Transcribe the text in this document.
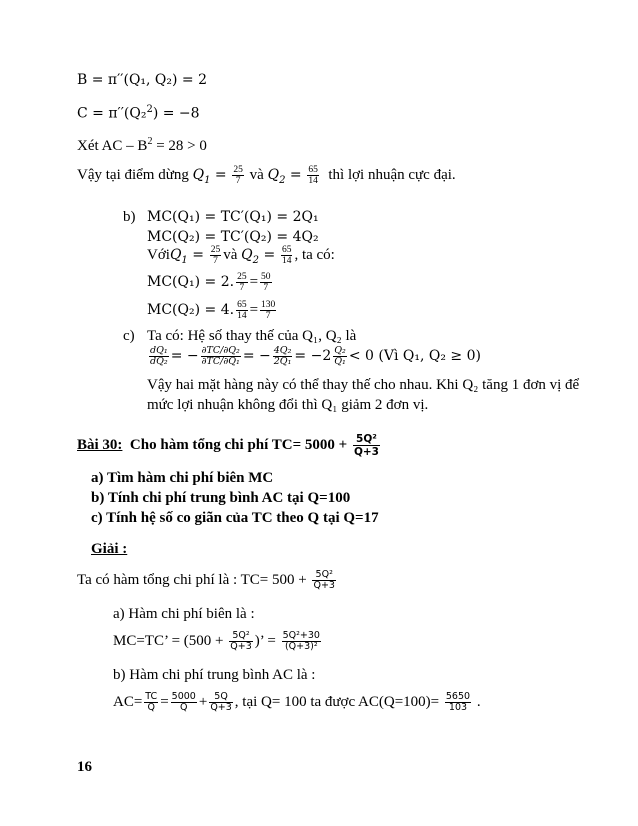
B = π′′(Q₁, Q₂) = 2
C = π′′(Q₂$^2$) = −8
Xét AC – $B^2 = 28 > 0$
Vậy tại điểm dừng $Q_1 = \frac{25}{7}$ và $Q_2 = \frac{65}{14}$ thì lợi nhuận cực đại.
b) MC(Q₁) = TC′(Q₁) = 2Q₁
MC(Q₂) = TC′(Q₂) = 4Q₂
VớiQ$_1$ = $\frac{25}{7}$ và $Q_2 = \frac{65}{14}$ , ta có:
MC(Q₁) = 2. $\frac{25}{7} = \frac{50}{7}$
MC(Q₂) = 4. $\frac{65}{14} = \frac{130}{7}$
c) Ta có: Hệ số thay thế của Q₁, Q₂ là
$\frac{\text{dQ₁}}{\text{dQ₂}}$ = − $\frac{\text{∂TC/∂Q₂}}{\text{∂TC/∂Q₁}}$ = − $\frac{\text{4Q₂}}{\text{2Q₁}} = -2 \frac{\text{Q₂}}{\text{Q₁}} < 0$ (Vì Q₁, Q₂ ≥ 0)
Vậy hai mặt hàng này có thể thay thế cho nhau. Khi Q₂ tăng 1 đơn vị để
mức lợi nhuận không đổi thì Q₁ giảm 2 đơn vị.
Bài 30: Cho hàm tổng chi phí $TC= 5000 + \frac{\text{5Q²}}{Q+3}$
a) Tìm hàm chi phí biên MC
b) Tính chi phí trung bình AC tại Q=100
c) Tính hệ số co giãn của TC theo Q tại Q=17
Giải :
Ta có hàm tổng chi phí là : $TC= 500 + \frac{\text{5Q²}}{Q+3}$
a) Hàm chi phí biên là :
MC=TC’ = ($500 + \frac{\text{5Q²}}{Q+3}$ )’ = $\frac{\text{5Q²+30}}{\text{(Q+3)²}}$
b) Hàm chi phí trung bình AC là :
$AC= \frac{TC}{Q} = \frac{5000}{Q} + \frac{5Q}{Q+3}$ , tại Q= 100 ta được $AC(Q=100)= \frac{5650}{103}$ .
16
